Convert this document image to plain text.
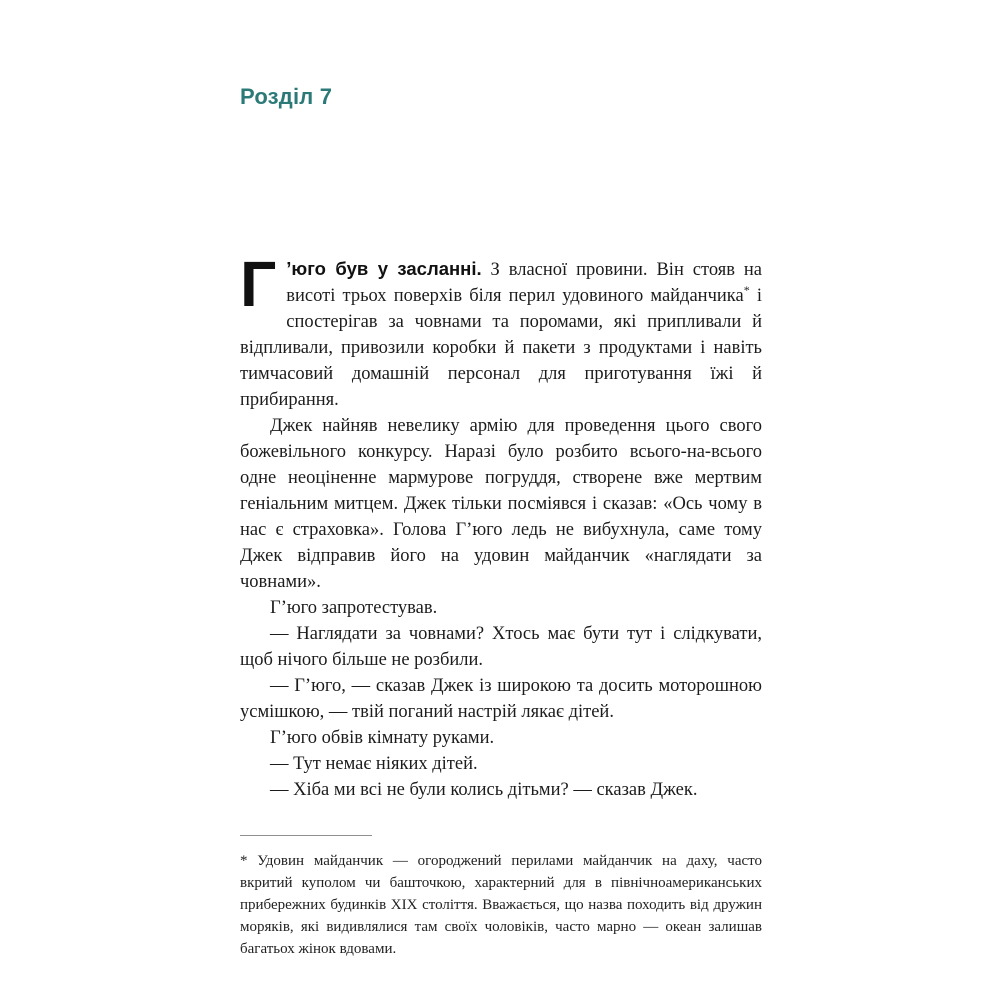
Розділ 7

Г ’юго був у засланні. З власної провини. Він стояв на висоті трьох поверхів біля перил удовиного майданчика* і спостерігав за човнами та поромами, які припливали й відпливали, привозили коробки й пакети з продуктами і навіть тимчасовий домашній персонал для приготування їжі й прибирання.

Джек найняв невелику армію для проведення цього свого божевільного конкурсу. Наразі було розбито всього-на-всього одне неоціненне мармурове погруддя, створене вже мертвим геніальним митцем. Джек тільки посміявся і сказав: «Ось чому в нас є страховка». Голова Г’юго ледь не вибухнула, саме тому Джек відправив його на удовин майданчик «наглядати за човнами».

Г’юго запротестував.

— Наглядати за човнами? Хтось має бути тут і слідкувати, щоб нічого більше не розбили.

— Г’юго, — сказав Джек із широкою та досить моторошною усмішкою, — твій поганий настрій лякає дітей.

Г’юго обвів кімнату руками.

— Тут немає ніяких дітей.

— Хіба ми всі не були колись дітьми? — сказав Джек.

* Удовин майданчик — огороджений перилами майданчик на даху, часто вкритий куполом чи башточкою, характерний для в північноамериканських прибережних будинків XIX століття. Вважається, що назва походить від дружин моряків, які видивлялися там своїх чоловіків, часто марно — океан залишав багатьох жінок вдовами.
